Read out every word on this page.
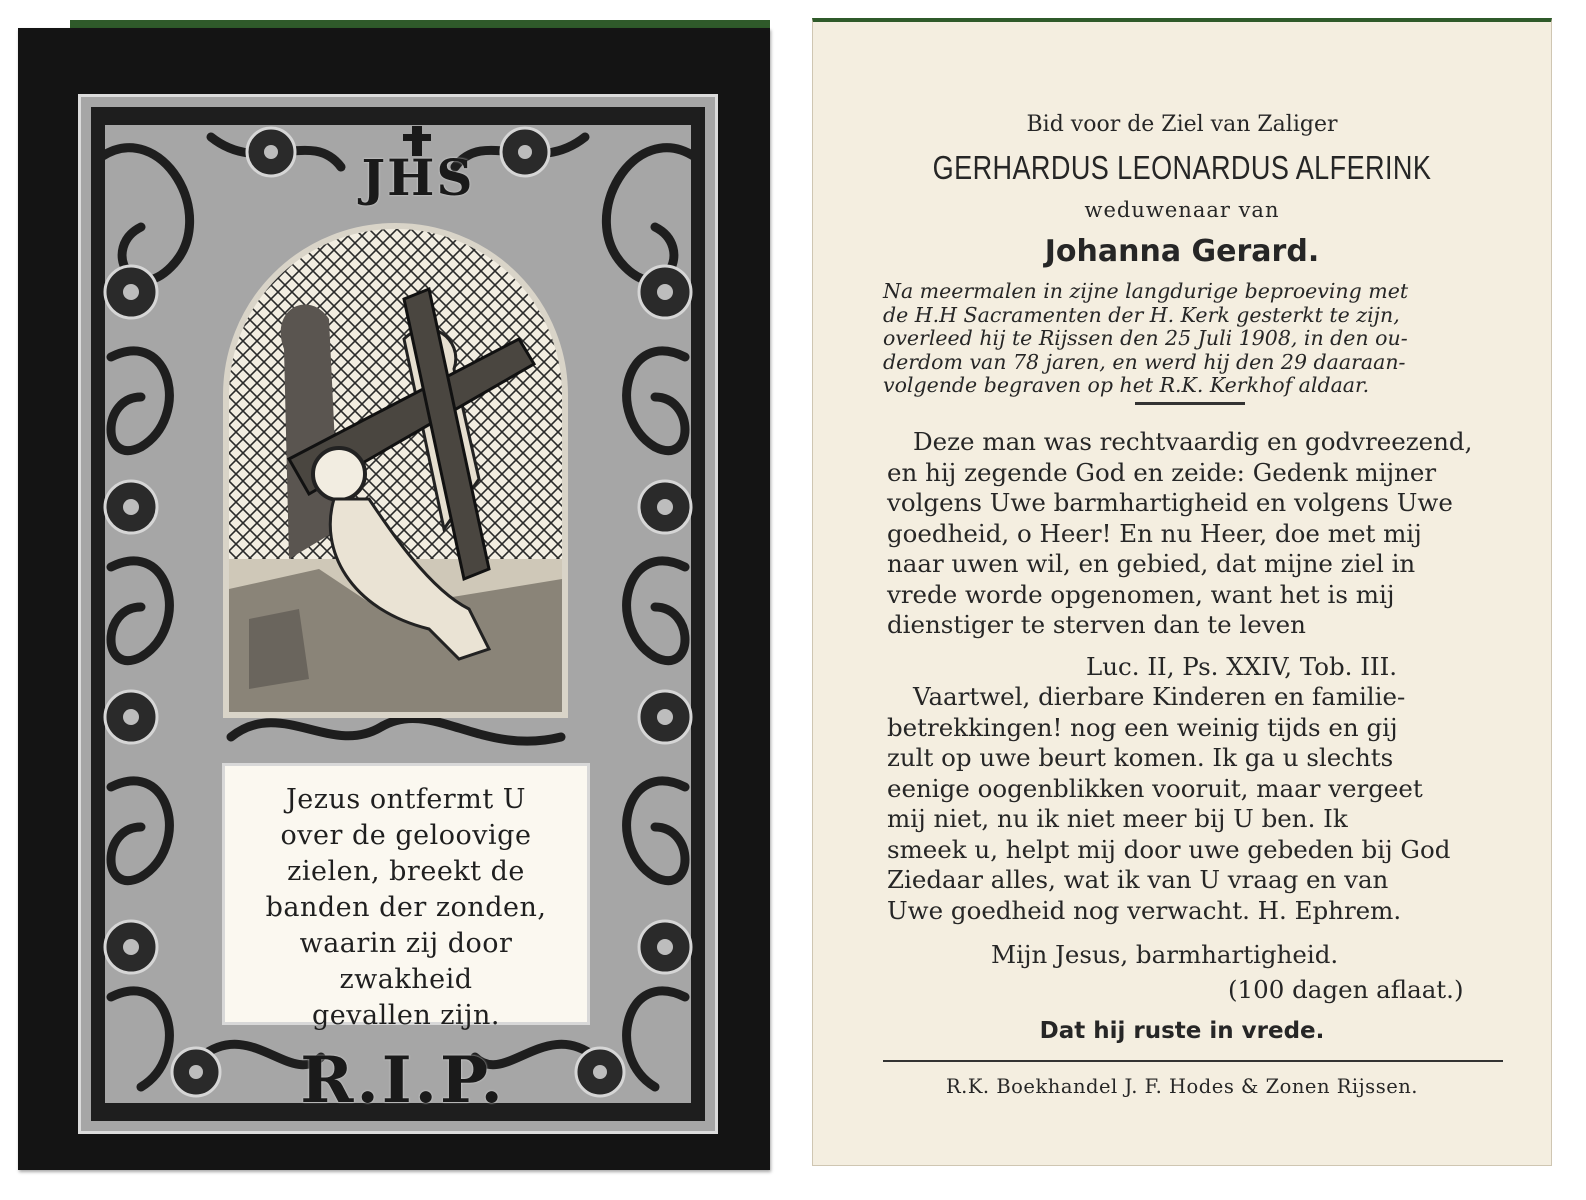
JHS
Jezus ontfermt U
over de geloovige
zielen, breekt de
banden der zonden,
waarin zij door
zwakheid
gevallen zijn.
R.I.P.
Bid voor de Ziel van Zaliger
GERHARDUS LEONARDUS ALFERINK
weduwenaar van
Johanna Gerard.
Na meermalen in zijne langdurige beproeving met
de H.H Sacramenten der H. Kerk gesterkt te zijn,
overleed hij te Rijssen den 25 Juli 1908, in den ou-
derdom van 78 jaren, en werd hij den 29 daaraan-
volgende begraven op het R.K. Kerkhof aldaar.
Deze man was rechtvaardig en godvreezend,
en hij zegende God en zeide: Gedenk mijner
volgens Uwe barmhartigheid en volgens Uwe
goedheid, o Heer! En nu Heer, doe met mij
naar uwen wil, en gebied, dat mijne ziel in
vrede worde opgenomen, want het is mij
dienstiger te sterven dan te leven
Luc. II, Ps. XXIV, Tob. III.
Vaartwel, dierbare Kinderen en familie-
betrekkingen! nog een weinig tijds en gij
zult op uwe beurt komen. Ik ga u slechts
eenige oogenblikken vooruit, maar vergeet
mij niet, nu ik niet meer bij U ben. Ik
smeek u, helpt mij door uwe gebeden bij God
Ziedaar alles, wat ik van U vraag en van
Uwe goedheid nog verwacht. H. Ephrem.
Mijn Jesus, barmhartigheid.
(100 dagen aflaat.)
Dat hij ruste in vrede.
R.K. Boekhandel J. F. Hodes & Zonen Rijssen.
